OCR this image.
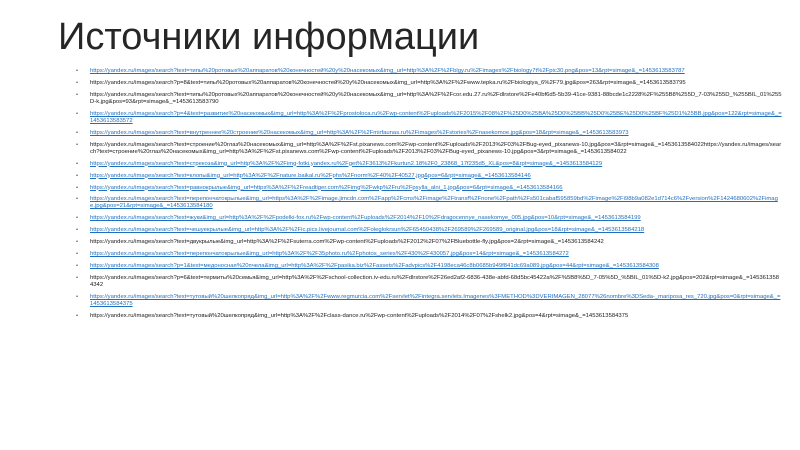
Источники информации
• https://yandex.ru/images/search?text=типы%20ротовых%20аппаратов%20конечностей%20у%20насекомых&img_url=http%3A%2F%2Fblgy.ru%2Fimages%2Fbiology7t%2Fpic30.png&pos=13&rpt=simage&_=1453613583787
• https://yandex.ru/images/search?p=8&text=типы%20ротовых%20аппаратов%20конечностей%20у%20насекомых&img_url=http%3A%2F%2Fwww.tepka.ru%2Fbiologiya_6%2F79.jpg&pos=263&rpt=simage&_=1453613583795
• https://yandex.ru/images/search?text=типы%20ротовых%20аппаратов%20конечностей%20у%20насекомых&img_url=http%3A%2F%2Fcor.edu.27.ru%2Fdlrstore%2Fe40bf6d5-5b39-41ce-9381-88bcde1c2228%2F%255B8%255D_7-03%255D_%255BIL_01%255D-k.jpg&pos=93&rpt=simage&_=1453613583790
• https://yandex.ru/images/search?p=4&text=развитие%20насекомых&img_url=http%3A%2F%2Fprostoloca.ru%2Fwp-content%2Fuploads%2F2015%2F08%2F%25D0%25BA%25D0%25BB%25D0%25BE%25D0%25BF%25D1%25BB.jpg&pos=122&rpt=simage&_=1453613583572
• https://yandex.ru/images/search?text=внутреннее%20строение%20насекомых&img_url=http%3A%2F%2Fmirfaunas.ru%2Fimages%2Fstories%2Fnasekomoe.jpg&pos=18&rpt=simage&_=1453613583973
• https://yandex.ru/images/search?text=строение%20глаз%20насекомых&img_url=http%3A%2F%2Fst.pixanews.com%2Fwp-content%2Fuploads%2F2013%2F03%2FBug-eyed_pixanews-10.jpg&pos=3&rpt=simage&_=1453613584022https://yandex.ru/images/search?text=строение%20глаз%20насекомых&img_url=http%3A%2F%2Fst.pixanews.com%2Fwp-content%2Fuploads%2F2013%2F03%2FBug-eyed_pixanews-10.jpg&pos=3&rpt=simage&_=1453613584022
• https://yandex.ru/images/search?text=стрекоза&img_url=http%3A%2F%2Fimg-fotki.yandex.ru%2Fget%2F3613%2Fkurtun2.18%2F0_23868_17f235d5_XL&pos=8&rpt=simage&_=1453613584129
• https://yandex.ru/images/search?text=клопы&img_url=http%3A%2F%2Fnature.baikal.ru%2Fphs%2Fnorm%2F40%2F40527.jpg&pos=6&rpt=simage&_=1453613584146
• https://yandex.ru/images/search?text=равнокрылые&img_url=https%3A%2F%2Freadtiger.com%2Fimg%2Fwkp%2Fru%2Fpsylla_alni_1.jpg&pos=6&rpt=simage&_=1453613584166
• https://yandex.ru/images/search?text=перепончатокрылые&img_url=https%3A%2F%2Fimage.jimcdn.com%2Fapp%2Fcms%2Fimage%2Ftransf%2Fnone%2Fpath%2Fs501cabaf595859bd%2Fimage%2Fi98b9a082e1d714c6%2Fversion%2F1424680602%2Fimage.jpg&pos=21&rpt=simage&_=1453613584180
• https://yandex.ru/images/search?text=жуки&img_url=http%3A%2F%2Fpodelki-fox.ru%2Fwp-content%2Fuploads%2F2014%2F10%2Fdragocennye_nasekomye_005.jpg&pos=10&rpt=simage&_=1453613584199
• https://yandex.ru/images/search?text=чешуекрылые&img_url=http%3A%2F%2Fic.pics.livejournal.com%2Foleglokrsun%2F65450438%2F269589%2F269589_original.jpg&pos=18&rpt=simage&_=1453613584218
• https://yandex.ru/images/search?text=двукрылые&img_url=http%3A%2F%2Fsuterra.com%2Fwp-content%2Fuploads%2F2012%2F07%2FBluebottle-fly.jpg&pos=2&rpt=simage&_=1453613584242
• https://yandex.ru/images/search?text=перепончатокрылые&img_url=http%3A%2F%2F35photo.ru%2Fphotos_series%2F430%2F430057.jpg&pos=14&rpt=simage&_=1453613584272
• https://yandex.ru/images/search?p=1&text=медоносная%20пчела&img_url=http%3A%2F%2Fpasika.biz%2Fassets%2Fadvpics%2F4198eca46c8b0685b949f841dc69a089.jpg&pos=44&rpt=simage&_=1453613584308
• https://yandex.ru/images/search?p=6&text=термиты%20семья&img_url=http%3A%2F%2Fschool-collection.iv-edu.ru%2Fdlrstore%2F26ed2af2-6836-438e-abfd-68d5bc45422a%2F%5B8%5D_7-05%5D_%5BIL_01%5D-k2.jpg&pos=202&rpt=simage&_=1453613584342
• https://yandex.ru/images/search?text=тутовый%20шелкопряд&img_url=http%3A%2F%2Fwww.regmurcia.com%2Fservlet%2Fintegra.servlets.Imagenes%3FMETHOD%3DVERIMAGEN_28077%26nombre%3DSeda-_mariposa_res_720.jpg&pos=0&rpt=simage&_=1453613584375
• https://yandex.ru/images/search?text=тутовый%20шелкопряд&img_url=http%3A%2F%2Fclass-dance.ru%2Fwp-content%2Fuploads%2F2014%2F07%2Fshelk2.jpg&pos=4&rpt=simage&_=1453613584375
